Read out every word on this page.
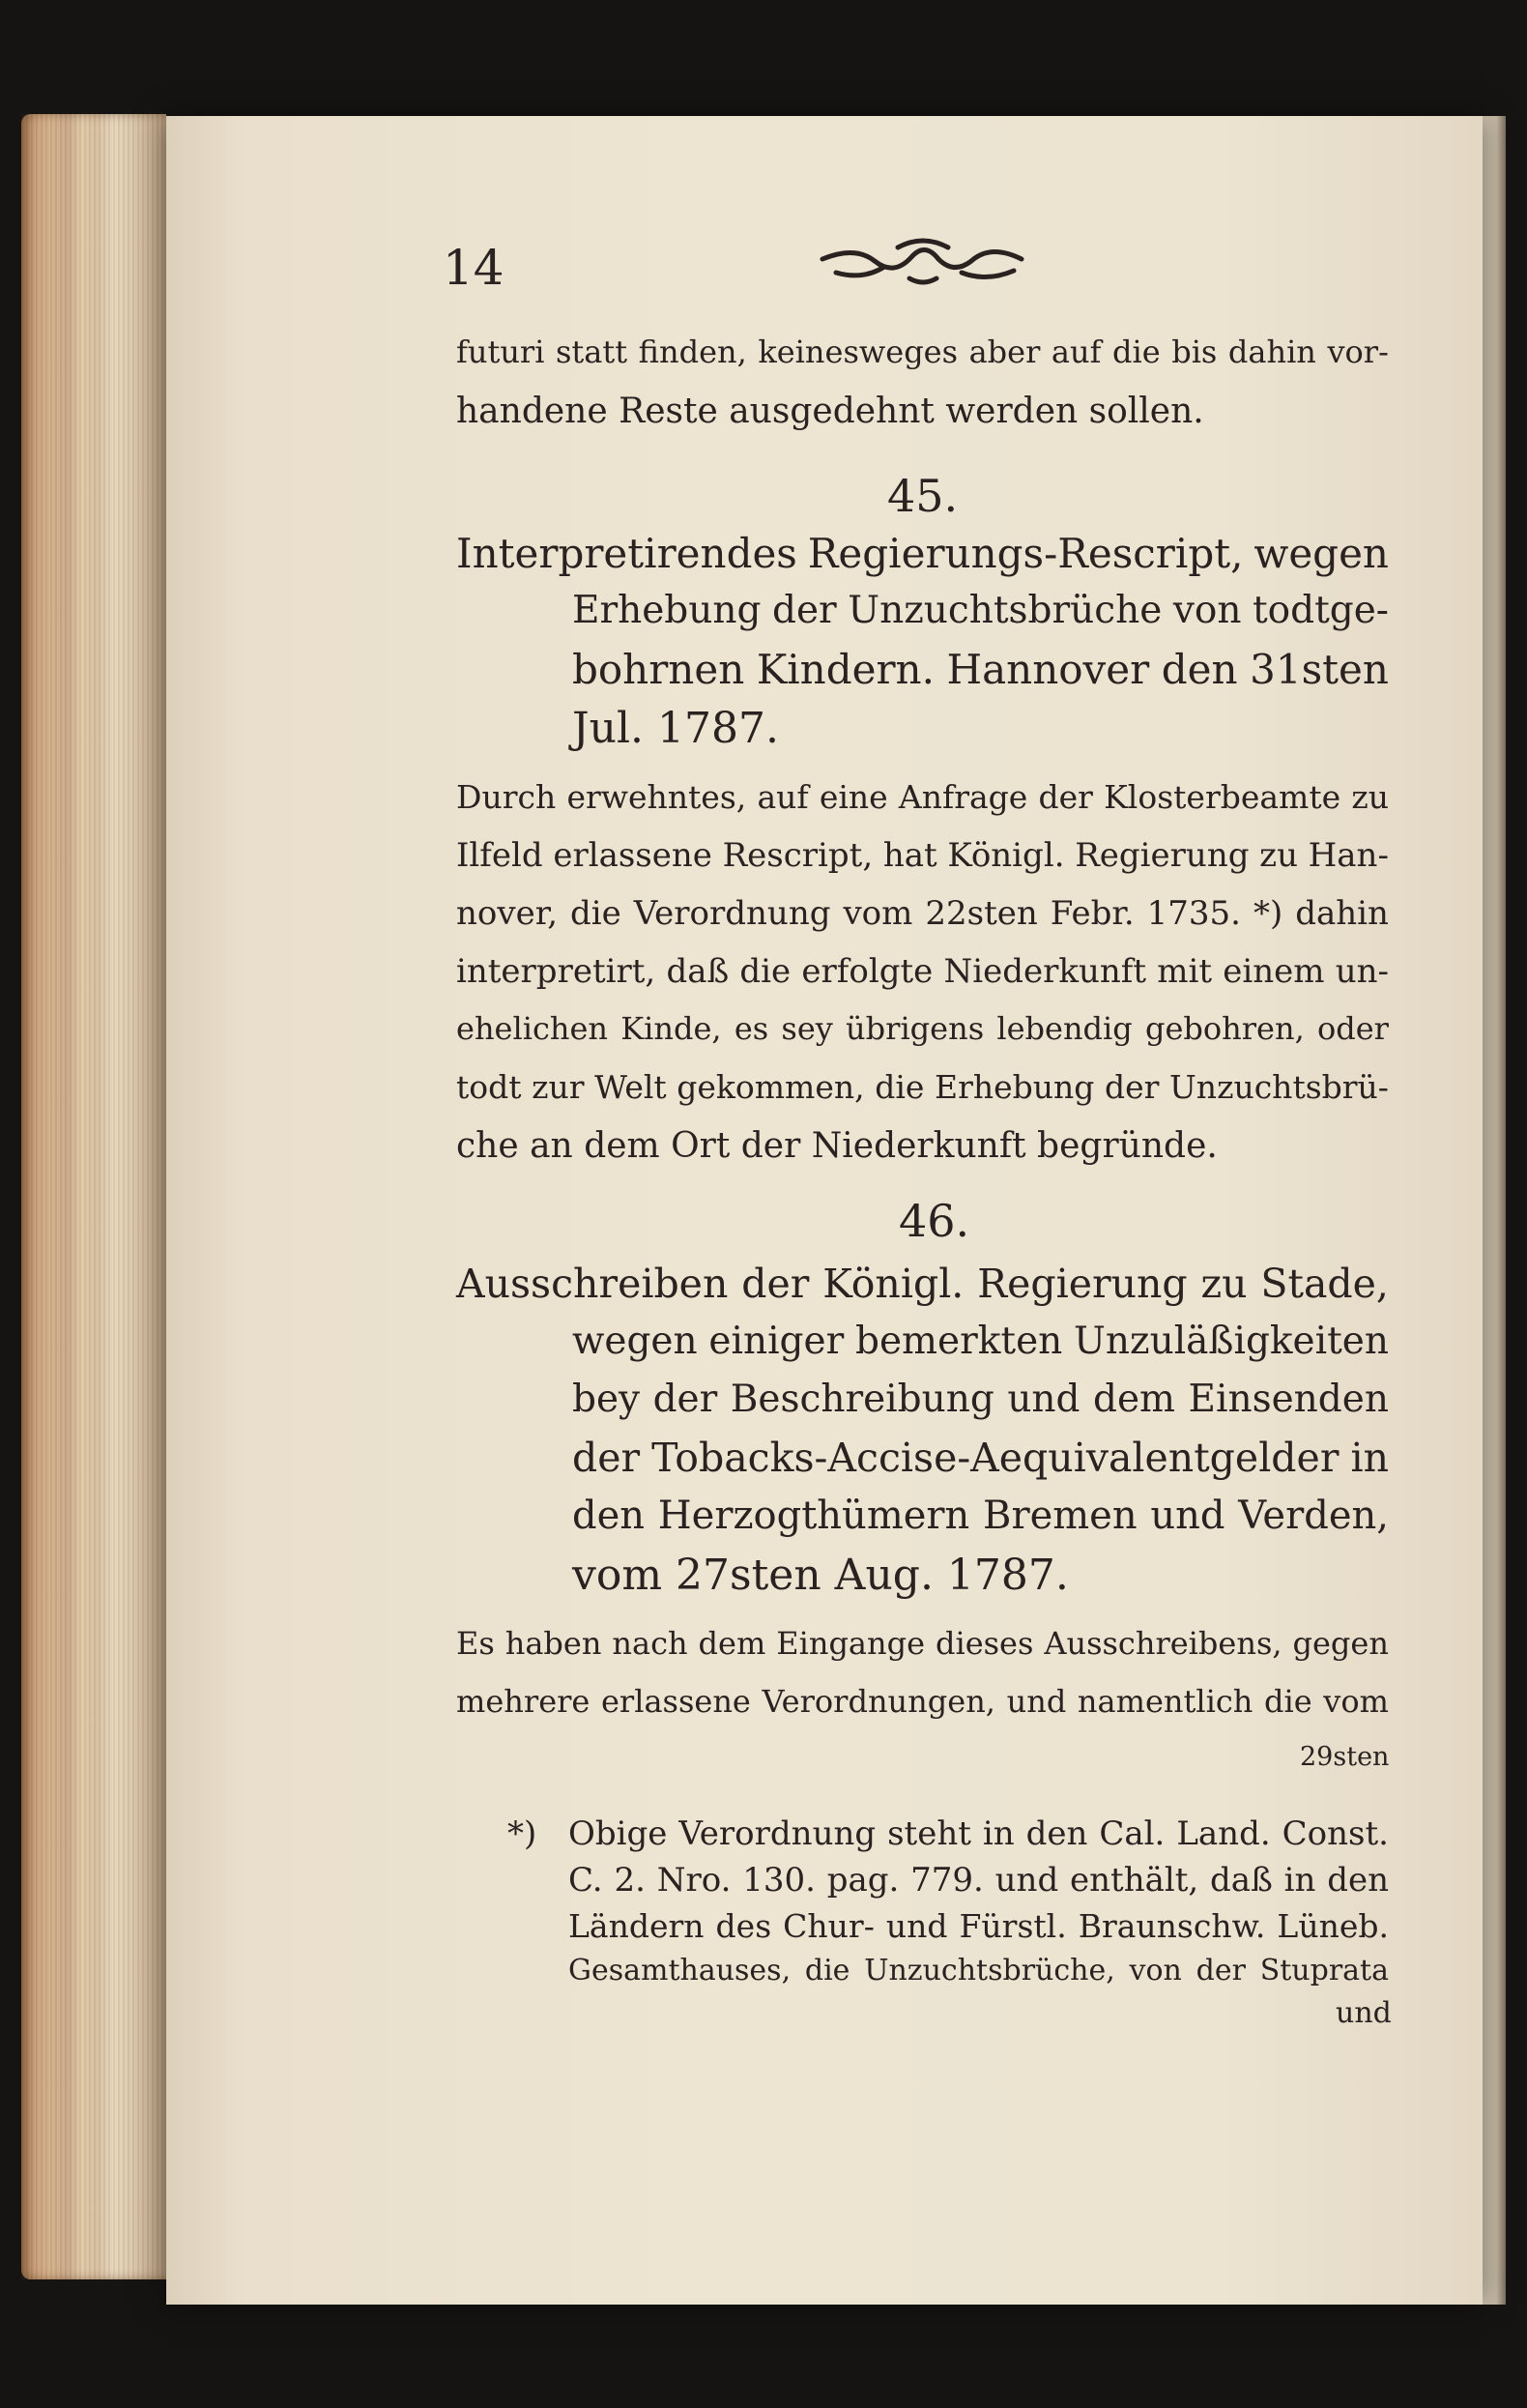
14

futuri statt finden, keinesweges aber auf die bis dahin vor-

handene Reste ausgedehnt werden sollen.

45.

Interpretirendes Regierungs-Rescript, wegen

Erhebung der Unzuchtsbrüche von todtge-

bohrnen Kindern. Hannover den 31sten

Jul. 1787.

Durch erwehntes, auf eine Anfrage der Klosterbeamte zu

Ilfeld erlassene Rescript, hat Königl. Regierung zu Han-

nover, die Verordnung vom 22sten Febr. 1735. *) dahin

interpretirt, daß die erfolgte Niederkunft mit einem un-

ehelichen Kinde, es sey übrigens lebendig gebohren, oder

todt zur Welt gekommen, die Erhebung der Unzuchtsbrü-

che an dem Ort der Niederkunft begründe.

46.

Ausschreiben der Königl. Regierung zu Stade,

wegen einiger bemerkten Unzuläßigkeiten

bey der Beschreibung und dem Einsenden

der Tobacks-Accise-Aequivalentgelder in

den Herzogthümern Bremen und Verden,

vom 27sten Aug. 1787.

Es haben nach dem Eingange dieses Ausschreibens, gegen

mehrere erlassene Verordnungen, und namentlich die vom

29sten

*) Obige Verordnung steht in den Cal. Land. Const.

C. 2. Nro. 130. pag. 779. und enthält, daß in den

Ländern des Chur- und Fürstl. Braunschw. Lüneb.

Gesamthauses, die Unzuchtsbrüche, von der Stuprata

und
